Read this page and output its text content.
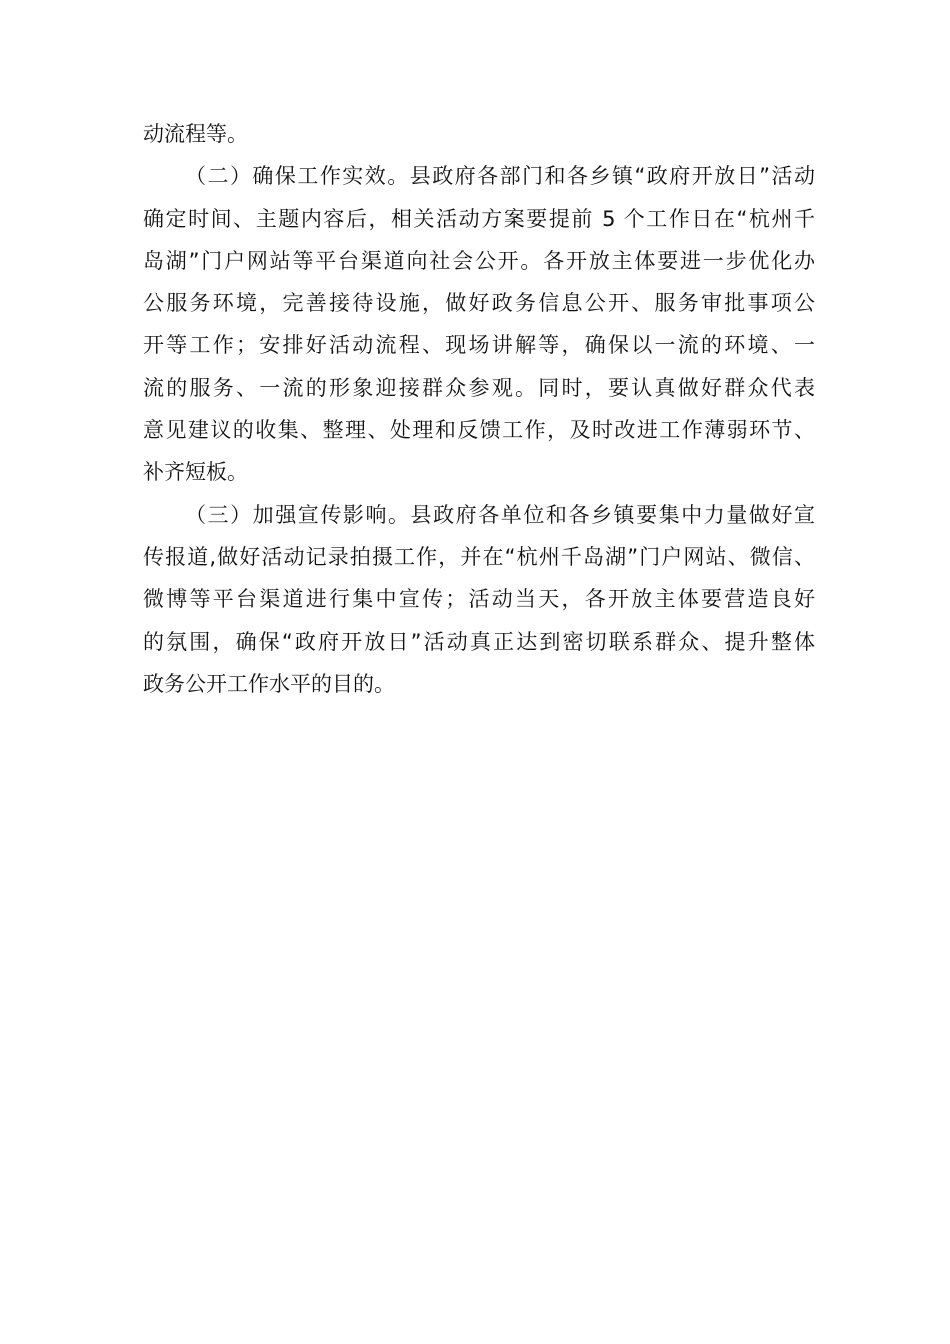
动流程等。
（二）确保工作实效。县政府各部门和各乡镇“政府开放日”活动
确定时间、主题内容后，相关活动方案要提前 5 个工作日在“杭州千
岛湖”门户网站等平台渠道向社会公开。各开放主体要进一步优化办
公服务环境，完善接待设施，做好政务信息公开、服务审批事项公
开等工作；安排好活动流程、现场讲解等，确保以一流的环境、一
流的服务、一流的形象迎接群众参观。同时，要认真做好群众代表
意见建议的收集、整理、处理和反馈工作，及时改进工作薄弱环节、
补齐短板。
（三）加强宣传影响。县政府各单位和各乡镇要集中力量做好宣
传报道,做好活动记录拍摄工作，并在“杭州千岛湖”门户网站、微信、
微博等平台渠道进行集中宣传；活动当天，各开放主体要营造良好
的氛围，确保“政府开放日”活动真正达到密切联系群众、提升整体
政务公开工作水平的目的。
